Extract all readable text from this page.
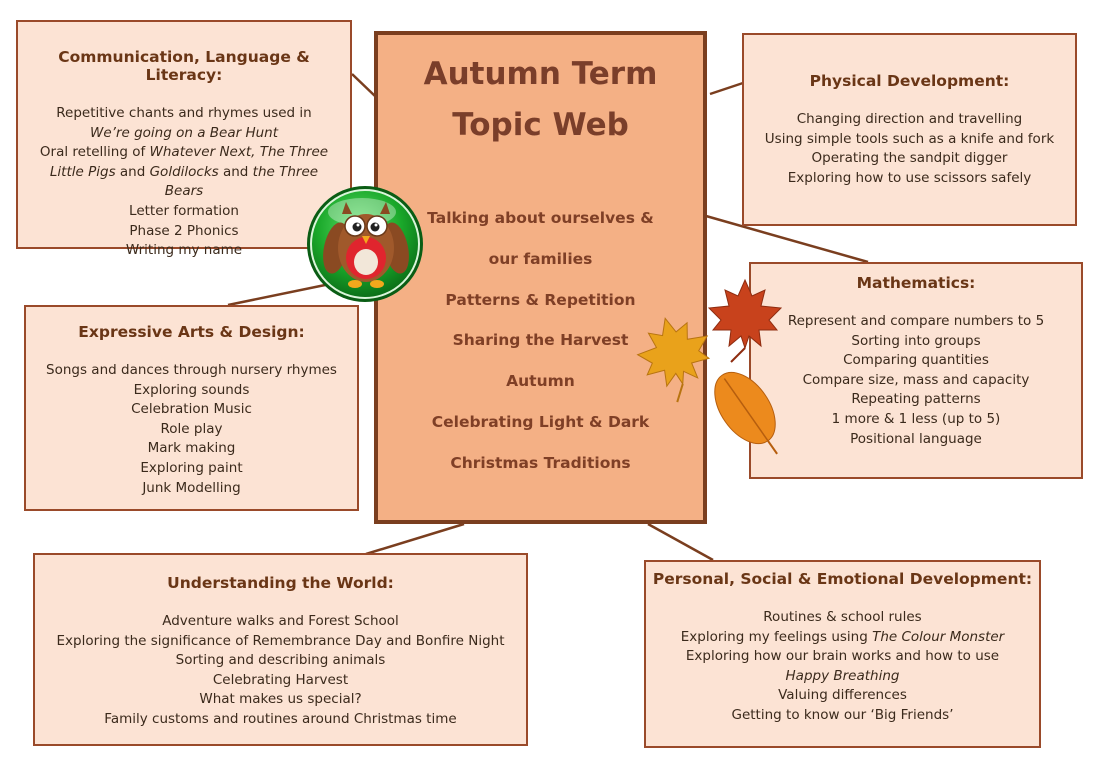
Communication, Language & Literacy:
Repetitive chants and rhymes used in We’re going on a Bear Hunt
Oral retelling of Whatever Next, The Three Little Pigs and Goldilocks and the Three Bears
Letter formation
Phase 2 Phonics
Writing my name
Physical Development:
Changing direction and travelling
Using simple tools such as a knife and fork
Operating the sandpit digger
Exploring how to use scissors safely
Mathematics:
Represent and compare numbers to 5
Sorting into groups
Comparing quantities
Compare size, mass and capacity
Repeating patterns
1 more & 1 less (up to 5)
Positional language
Expressive Arts & Design:
Songs and dances through nursery rhymes
Exploring sounds
Celebration Music
Role play
Mark making
Exploring paint
Junk Modelling
Understanding the World:
Adventure walks and Forest School
Exploring the significance of Remembrance Day and Bonfire Night
Sorting and describing animals
Celebrating Harvest
What makes us special?
Family customs and routines around Christmas time
Personal, Social & Emotional Development:
Routines & school rules
Exploring my feelings using The Colour Monster
Exploring how our brain works and how to use Happy Breathing
Valuing differences
Getting to know our ‘Big Friends’
Autumn Term
Topic Web
Talking about ourselves &
our families
Patterns & Repetition
Sharing the Harvest
Autumn
Celebrating Light & Dark
Christmas Traditions
